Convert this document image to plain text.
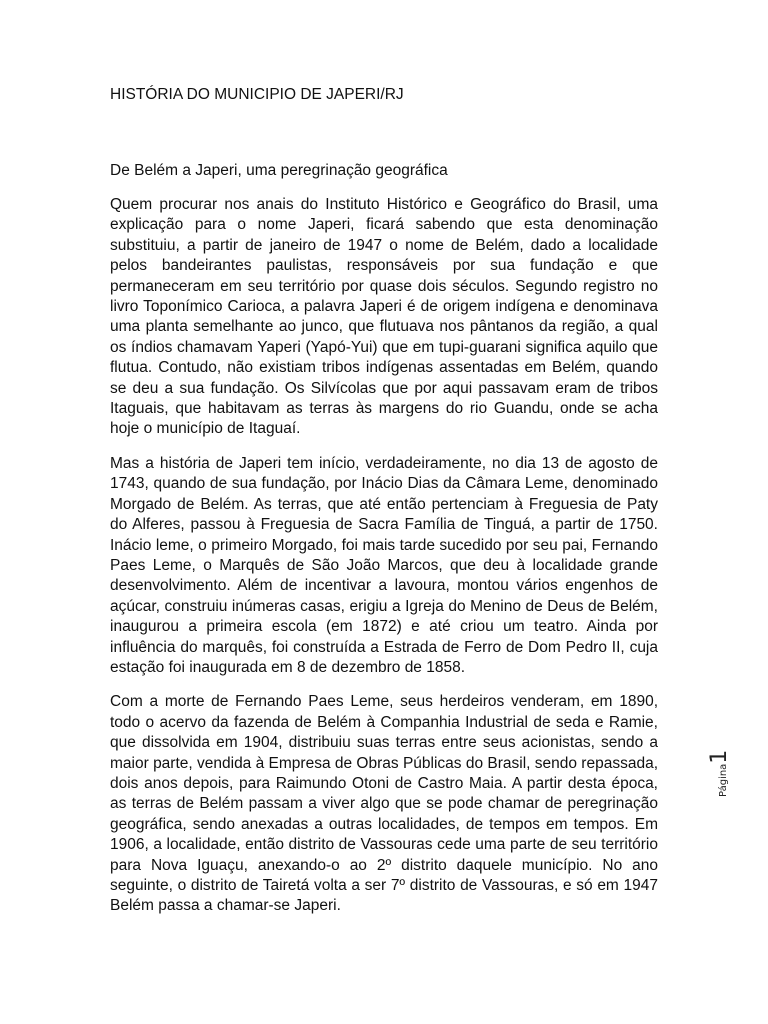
HISTÓRIA DO MUNICIPIO DE JAPERI/RJ

De Belém a Japeri, uma peregrinação geográfica

Quem procurar nos anais do Instituto Histórico e Geográfico do Brasil, uma explicação para o nome Japeri, ficará sabendo que esta denominação substituiu, a partir de janeiro de 1947 o nome de Belém, dado a localidade pelos bandeirantes paulistas, responsáveis por sua fundação e que permaneceram em seu território por quase dois séculos. Segundo registro no livro Toponímico Carioca, a palavra Japeri é de origem indígena e denominava uma planta semelhante ao junco, que flutuava nos pântanos da região, a qual os índios chamavam Yaperi (Yapó-Yui) que em tupi-guarani significa aquilo que flutua. Contudo, não existiam tribos indígenas assentadas em Belém, quando se deu a sua fundação. Os Silvícolas que por aqui passavam eram de tribos Itaguais, que habitavam as terras às margens do rio Guandu, onde se acha hoje o município de Itaguaí.

Mas a história de Japeri tem início, verdadeiramente, no dia 13 de agosto de 1743, quando de sua fundação, por Inácio Dias da Câmara Leme, denominado Morgado de Belém. As terras, que até então pertenciam à Freguesia de Paty do Alferes, passou à Freguesia de Sacra Família de Tinguá, a partir de 1750. Inácio leme, o primeiro Morgado, foi mais tarde sucedido por seu pai, Fernando Paes Leme, o Marquês de São João Marcos, que deu à localidade grande desenvolvimento. Além de incentivar a lavoura, montou vários engenhos de açúcar, construiu inúmeras casas, erigiu a Igreja do Menino de Deus de Belém, inaugurou a primeira escola (em 1872) e até criou um teatro. Ainda por influência do marquês, foi construída a Estrada de Ferro de Dom Pedro II, cuja estação foi inaugurada em 8 de dezembro de 1858.

Com a morte de Fernando Paes Leme, seus herdeiros venderam, em 1890, todo o acervo da fazenda de Belém à Companhia Industrial de seda e Ramie, que dissolvida em 1904, distribuiu suas terras entre seus acionistas, sendo a maior parte, vendida à Empresa de Obras Públicas do Brasil, sendo repassada, dois anos depois, para Raimundo Otoni de Castro Maia. A partir desta época, as terras de Belém passam a viver algo que se pode chamar de peregrinação geográfica, sendo anexadas a outras localidades, de tempos em tempos. Em 1906, a localidade, então distrito de Vassouras cede uma parte de seu território para Nova Iguaçu, anexando-o ao 2º distrito daquele município. No ano seguinte, o distrito de Tairetá volta a ser 7º distrito de Vassouras, e só em 1947 Belém passa a chamar-se Japeri.

Página1
